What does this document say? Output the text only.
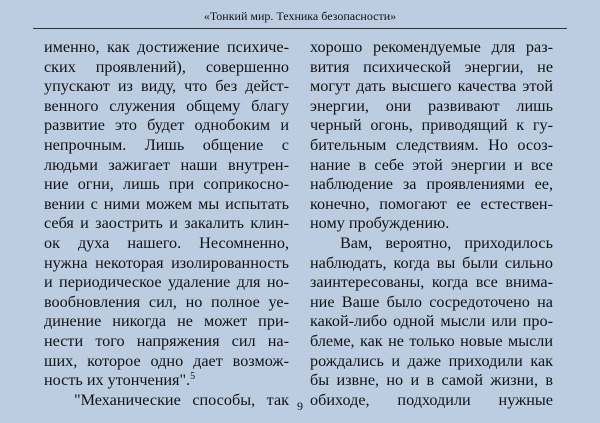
«Тонкий мир. Техника безопасности»
именно, как достижение психиче-
ских проявлений), совершенно
упускают из виду, что без дейст-
венного служения общему благу
развитие это будет однобоким и
непрочным. Лишь общение с
людьми зажигает наши внутрен-
ние огни, лишь при соприкосно-
вении с ними можем мы испытать
себя и заострить и закалить клин-
ок духа нашего. Несомненно,
нужна некоторая изолированность
и периодическое удаление для но-
вообновления сил, но полное уе-
динение никогда не может при-
нести того напряжения сил на-
ших, которое одно дает возмож-
ность их утончения".$^5$
"Механические способы, так
хорошо рекомендуемые для раз-
вития психической энергии, не
могут дать высшего качества этой
энергии, они развивают лишь
черный огонь, приводящий к гу-
бительным следствиям. Но осоз-
нание в себе этой энергии и все
наблюдение за проявлениями ее,
конечно, помогают ее естествен-
ному пробуждению.
Вам, вероятно, приходилось
наблюдать, когда вы были сильно
заинтересованы, когда все внима-
ние Ваше было сосредоточено на
какой-либо одной мысли или про-
блеме, как не только новые мысли
рождались и даже приходили как
бы извне, но и в самой жизни, в
обиходе, подходили нужные
9
